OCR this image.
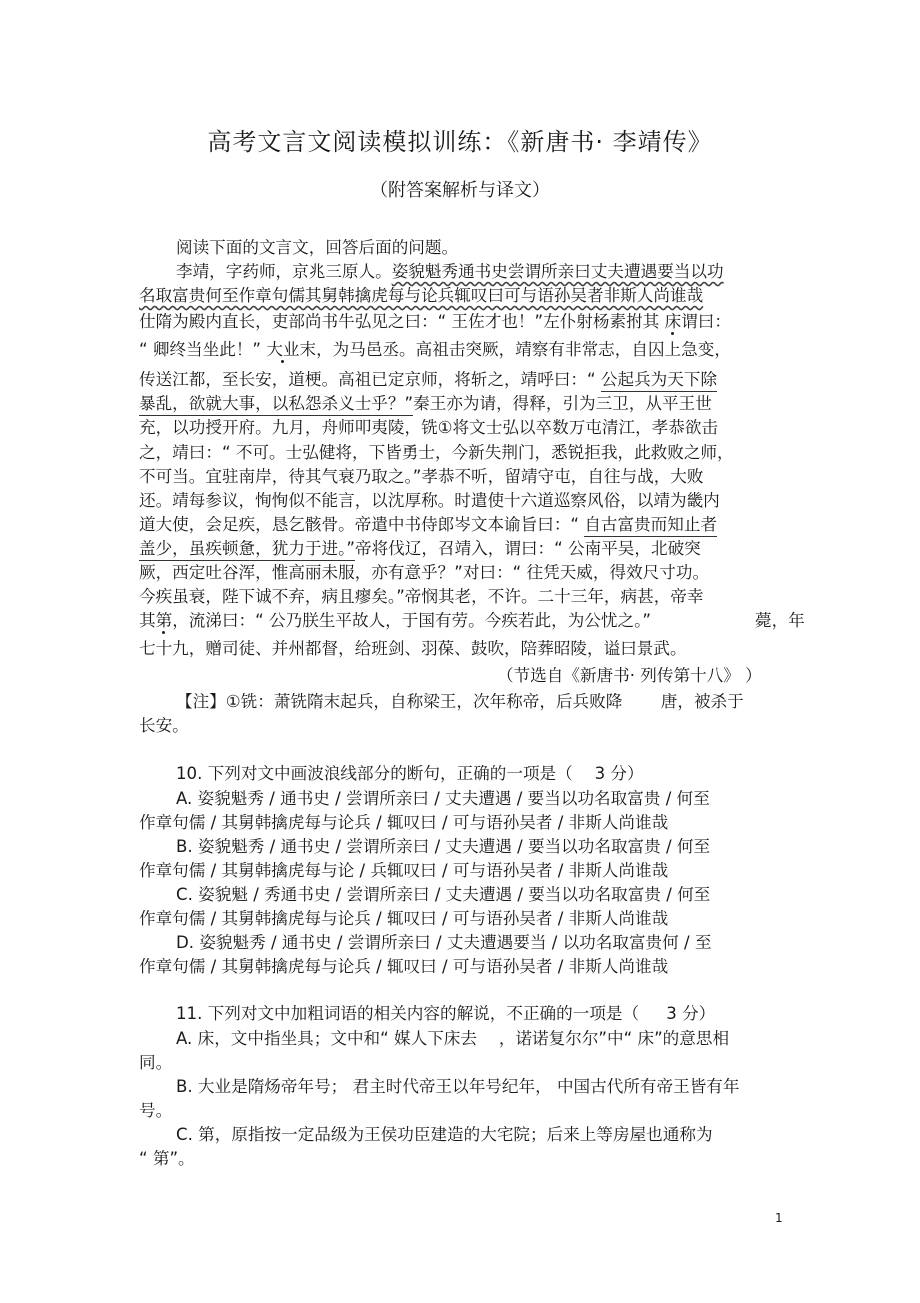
高考文言文阅读模拟训练：《新唐书· 李靖传》
（附答案解析与译文）
阅读下面的文言文，回答后面的问题。
李靖，字药师，京兆三原人。姿貌魁秀通书史尝谓所亲曰丈夫遭遇要当以功
名取富贵何至作章句儒其舅韩擒虎每与论兵辄叹曰可与语孙吴者非斯人尚谁哉
仕隋为殿内直长，吏部尚书牛弘见之曰：“ 王佐才也！”左仆射杨素拊其 床谓曰：
“ 卿终当坐此！” 大业末，为马邑丞。高祖击突厥，靖察有非常志，自囚上急变，
传送江都，至长安，道梗。高祖已定京师，将斩之，靖呼曰：“ 公起兵为天下除
暴乱，欲就大事，以私怨杀义士乎？”秦王亦为请，得释，引为三卫，从平王世
充，以功授开府。九月，舟师叩夷陵，铣①将文士弘以卒数万屯清江，孝恭欲击
之，靖曰：“ 不可。士弘健将，下皆勇士，今新失荆门，悉锐拒我，此救败之师，
不可当。宜驻南岸，待其气衰乃取之。”孝恭不听，留靖守屯，自往与战，大败
还。靖每参议，恂恂似不能言，以沈厚称。时遣使十六道巡察风俗，以靖为畿内
道大使，会足疾，恳乞骸骨。帝遣中书侍郎岑文本谕旨曰：“ 自古富贵而知止者
盖少，虽疾顿惫，犹力于进。”帝将伐辽，召靖入，谓曰：“ 公南平吴，北破突
厥，西定吐谷浑，惟高丽未服，亦有意乎？”对曰：“ 往凭天威，得效尺寸功。
今疾虽衰，陛下诚不弃，病且瘳矣。”帝悯其老，不许。二十三年，病甚，帝幸
其第，流涕曰：“ 公乃朕生平故人，于国有劳。今疾若此，为公忧之。”	薨，年
七十九，赠司徒、并州都督，给班剑、羽葆、鼓吹，陪葬昭陵，谥曰景武。
（节选自《新唐书· 列传第十八》 ）
【注】①铣：萧铣隋末起兵，自称梁王，次年称帝，后兵败降 　　唐，被杀于
长安。
10. 下列对文中画波浪线部分的断句，正确的一项是（ 　3 分）
A. 姿貌魁秀 / 通书史 / 尝谓所亲曰 / 丈夫遭遇 / 要当以功名取富贵 / 何至
作章句儒 / 其舅韩擒虎每与论兵 / 辄叹曰 / 可与语孙吴者 / 非斯人尚谁哉
B. 姿貌魁秀 / 通书史 / 尝谓所亲曰 / 丈夫遭遇 / 要当以功名取富贵 / 何至
作章句儒 / 其舅韩擒虎每与论 / 兵辄叹曰 / 可与语孙吴者 / 非斯人尚谁哉
C. 姿貌魁 / 秀通书史 / 尝谓所亲曰 / 丈夫遭遇 / 要当以功名取富贵 / 何至
作章句儒 / 其舅韩擒虎每与论兵 / 辄叹曰 / 可与语孙吴者 / 非斯人尚谁哉
D. 姿貌魁秀 / 通书史 / 尝谓所亲曰 / 丈夫遭遇要当 / 以功名取富贵何 / 至
作章句儒 / 其舅韩擒虎每与论兵 / 辄叹曰 / 可与语孙吴者 / 非斯人尚谁哉
11. 下列对文中加粗词语的相关内容的解说，不正确的一项是（ 　 3 分）
A. 床，文中指坐具；文中和“ 媒人下床去 　，诺诺复尔尔”中“ 床”的意思相
同。
B. 大业是隋炀帝年号； 君主时代帝王以年号纪年， 中国古代所有帝王皆有年
号。
C. 第，原指按一定品级为王侯功臣建造的大宅院；后来上等房屋也通称为
“ 第”。
1
